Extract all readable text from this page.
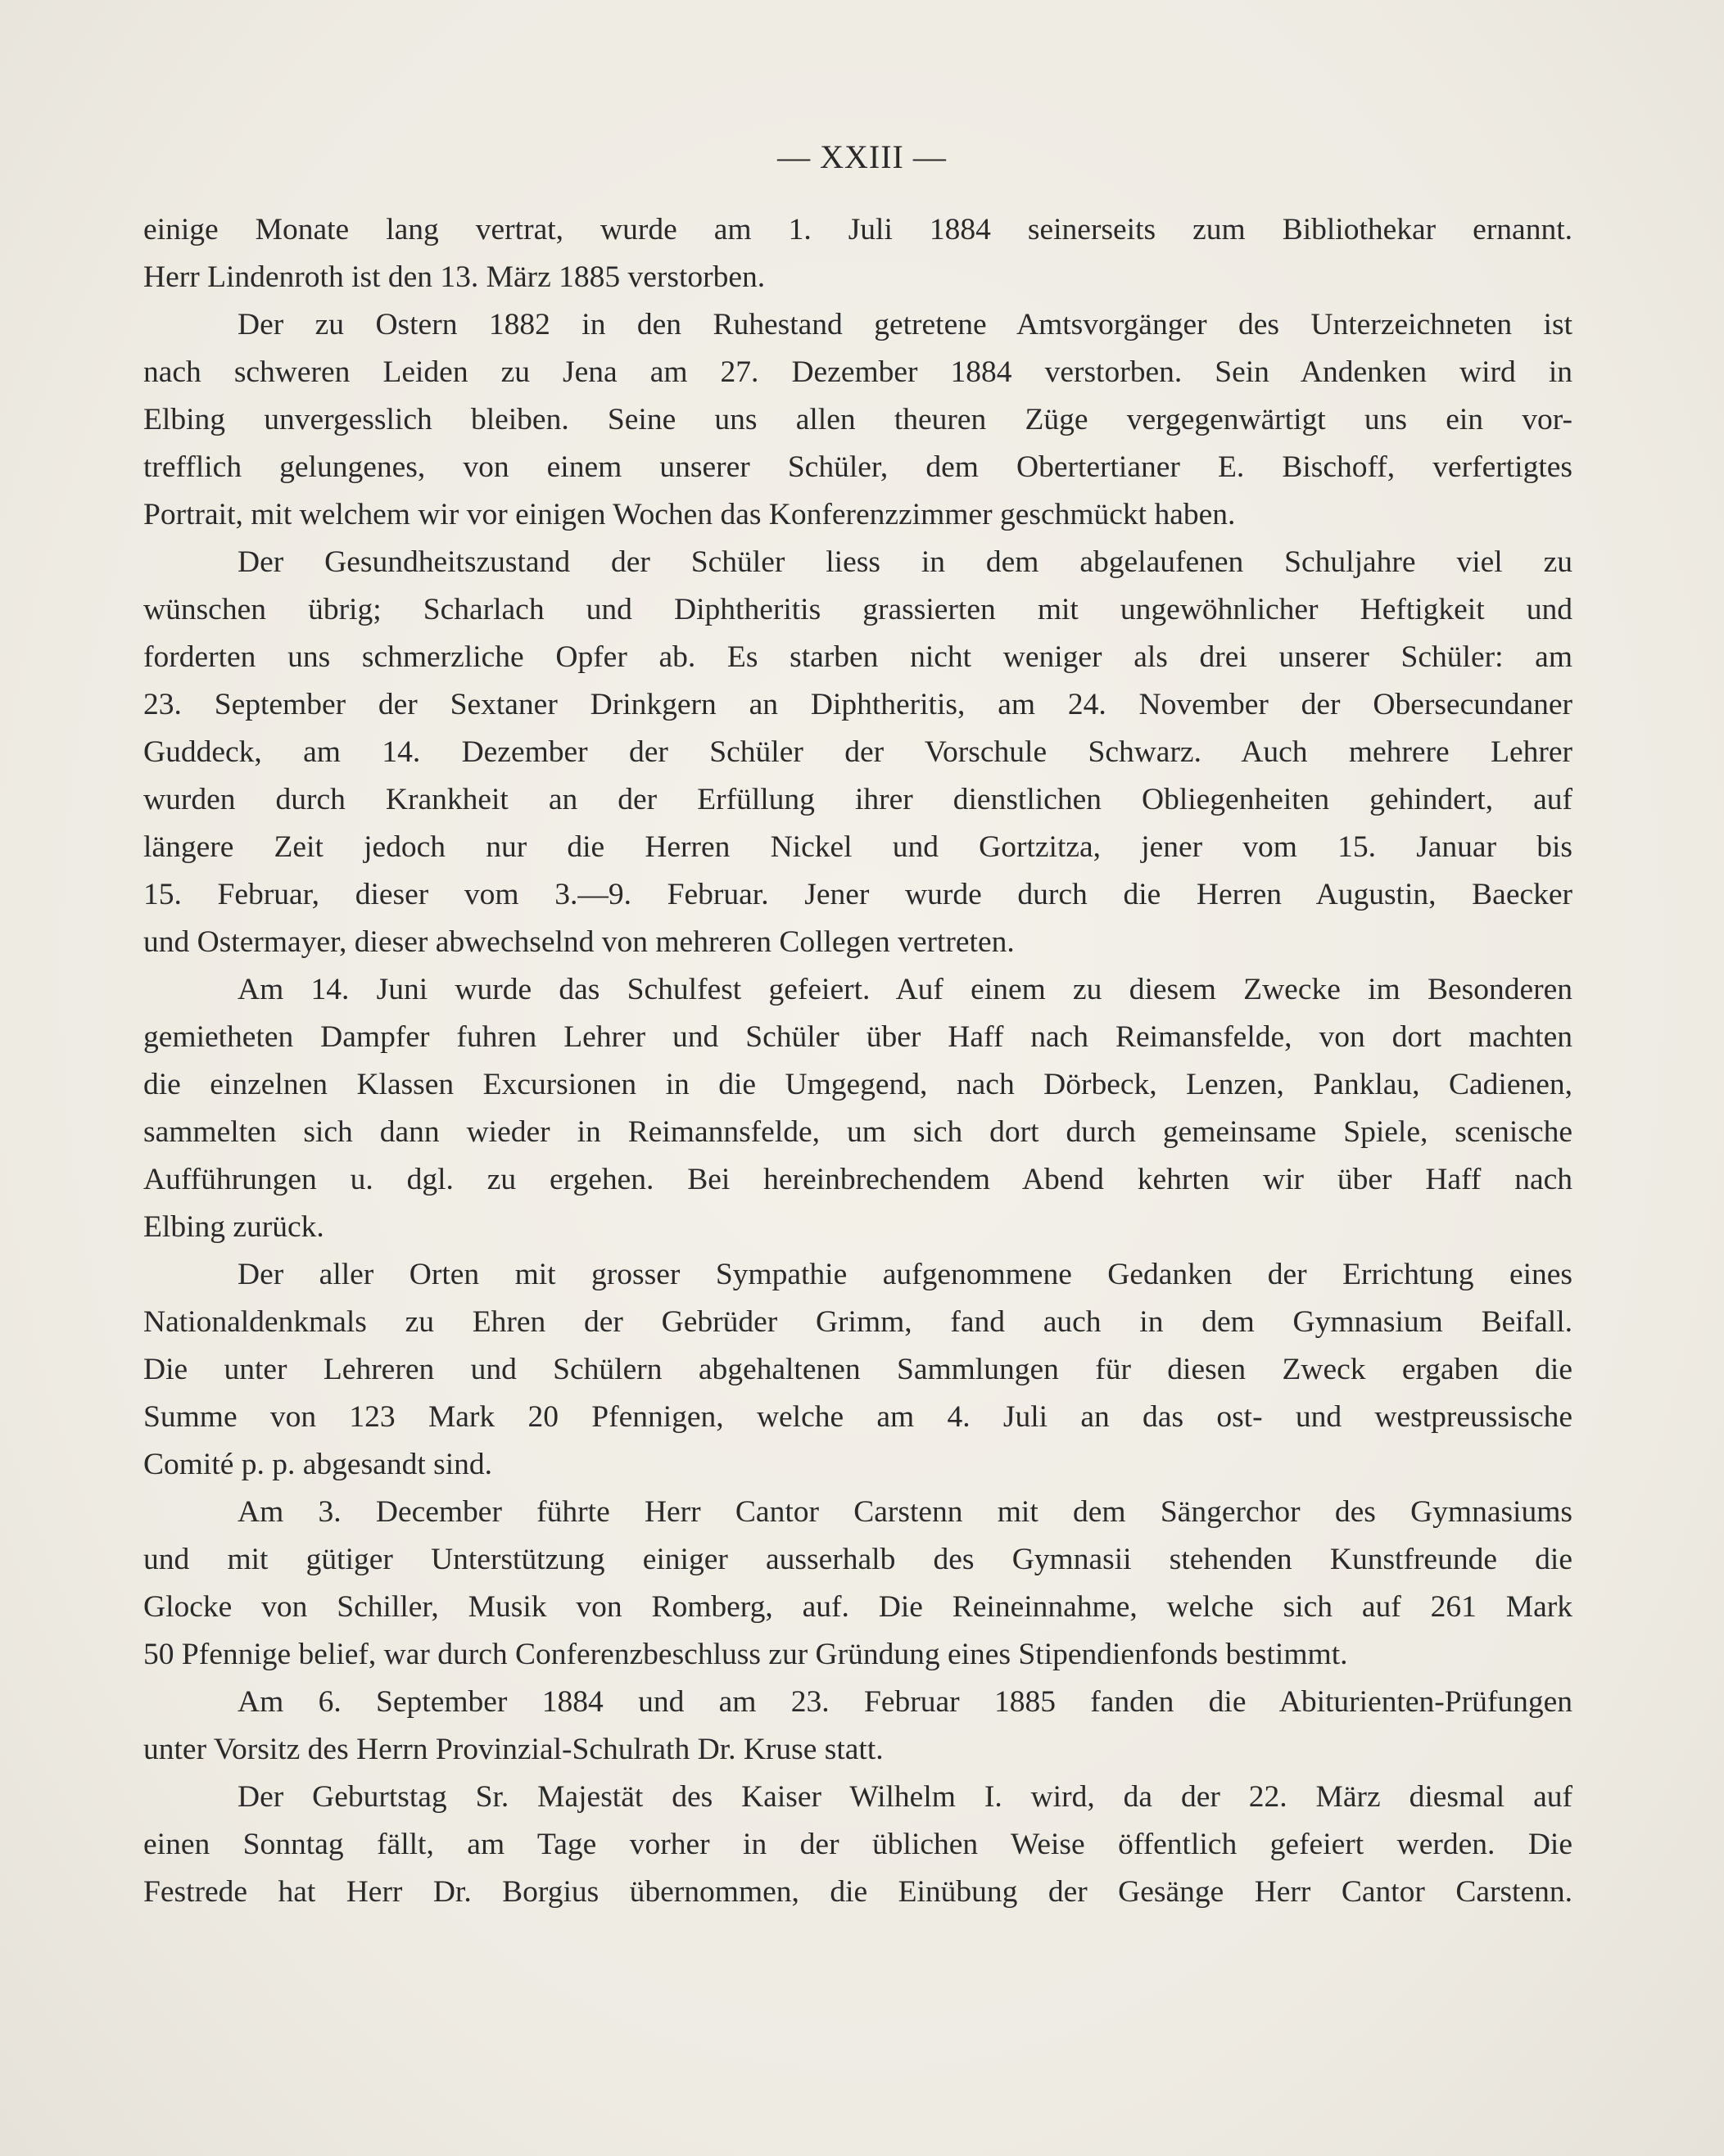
— XXIII —

einige Monate lang vertrat, wurde am 1. Juli 1884 seinerseits zum Bibliothekar ernannt.

Herr Lindenroth ist den 13. März 1885 verstorben.

Der zu Ostern 1882 in den Ruhestand getretene Amtsvorgänger des Unterzeichneten ist

nach schweren Leiden zu Jena am 27. Dezember 1884 verstorben. Sein Andenken wird in

Elbing unvergesslich bleiben. Seine uns allen theuren Züge vergegenwärtigt uns ein vor-

trefflich gelungenes, von einem unserer Schüler, dem Obertertianer E. Bischoff, verfertigtes

Portrait, mit welchem wir vor einigen Wochen das Konferenzzimmer geschmückt haben.

Der Gesundheitszustand der Schüler liess in dem abgelaufenen Schuljahre viel zu

wünschen übrig; Scharlach und Diphtheritis grassierten mit ungewöhnlicher Heftigkeit und

forderten uns schmerzliche Opfer ab. Es starben nicht weniger als drei unserer Schüler: am

23. September der Sextaner Drinkgern an Diphtheritis, am 24. November der Obersecundaner

Guddeck, am 14. Dezember der Schüler der Vorschule Schwarz. Auch mehrere Lehrer

wurden durch Krankheit an der Erfüllung ihrer dienstlichen Obliegenheiten gehindert, auf

längere Zeit jedoch nur die Herren Nickel und Gortzitza, jener vom 15. Januar bis

15. Februar, dieser vom 3.—9. Februar. Jener wurde durch die Herren Augustin, Baecker

und Ostermayer, dieser abwechselnd von mehreren Collegen vertreten.

Am 14. Juni wurde das Schulfest gefeiert. Auf einem zu diesem Zwecke im Besonderen

gemietheten Dampfer fuhren Lehrer und Schüler über Haff nach Reimansfelde, von dort machten

die einzelnen Klassen Excursionen in die Umgegend, nach Dörbeck, Lenzen, Panklau, Cadienen,

sammelten sich dann wieder in Reimannsfelde, um sich dort durch gemeinsame Spiele, scenische

Aufführungen u. dgl. zu ergehen. Bei hereinbrechendem Abend kehrten wir über Haff nach

Elbing zurück.

Der aller Orten mit grosser Sympathie aufgenommene Gedanken der Errichtung eines

Nationaldenkmals zu Ehren der Gebrüder Grimm, fand auch in dem Gymnasium Beifall.

Die unter Lehreren und Schülern abgehaltenen Sammlungen für diesen Zweck ergaben die

Summe von 123 Mark 20 Pfennigen, welche am 4. Juli an das ost- und westpreussische

Comité p. p. abgesandt sind.

Am 3. December führte Herr Cantor Carstenn mit dem Sängerchor des Gymnasiums

und mit gütiger Unterstützung einiger ausserhalb des Gymnasii stehenden Kunstfreunde die

Glocke von Schiller, Musik von Romberg, auf. Die Reineinnahme, welche sich auf 261 Mark

50 Pfennige belief, war durch Conferenzbeschluss zur Gründung eines Stipendienfonds bestimmt.

Am 6. September 1884 und am 23. Februar 1885 fanden die Abiturienten-Prüfungen

unter Vorsitz des Herrn Provinzial-Schulrath Dr. Kruse statt.

Der Geburtstag Sr. Majestät des Kaiser Wilhelm I. wird, da der 22. März diesmal auf

einen Sonntag fällt, am Tage vorher in der üblichen Weise öffentlich gefeiert werden. Die

Festrede hat Herr Dr. Borgius übernommen, die Einübung der Gesänge Herr Cantor Carstenn.
